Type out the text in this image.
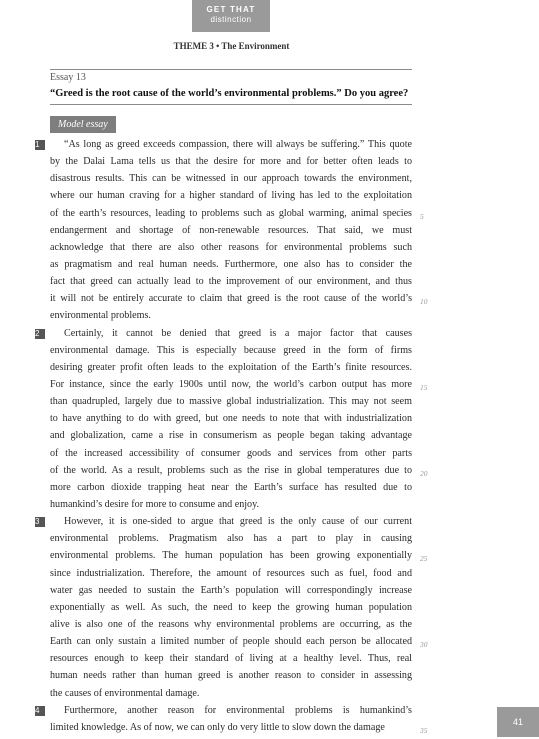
GET THAT
distinction
THEME 3 • The Environment
Essay 13
“Greed is the root cause of the world’s environmental problems.” Do you agree?
Model essay
1	“As long as greed exceeds compassion, there will always be suffering.” This quote
by the Dalai Lama tells us that the desire for more and for better often leads to
disastrous results. This can be witnessed in our approach towards the environment,
where our human craving for a higher standard of living has led to the exploitation
of the earth’s resources, leading to problems such as global warming, animal species 5
endangerment and shortage of non-renewable resources. That said, we must
acknowledge that there are also other reasons for environmental problems such
as pragmatism and real human needs. Furthermore, one also has to consider the
fact that greed can actually lead to the improvement of our environment, and thus
it will not be entirely accurate to claim that greed is the root cause of the world’s 10
environmental problems.
2	Certainly, it cannot be denied that greed is a major factor that causes
environmental damage. This is especially because greed in the form of firms
desiring greater profit often leads to the exploitation of the Earth’s finite resources.
For instance, since the early 1900s until now, the world’s carbon output has more 15
than quadrupled, largely due to massive global industrialization. This may not seem
to have anything to do with greed, but one needs to note that with industrialization
and globalization, came a rise in consumerism as people began taking advantage
of the increased accessibility of consumer goods and services from other parts
of the world. As a result, problems such as the rise in global temperatures due to 20
more carbon dioxide trapping heat near the Earth’s surface has resulted due to
humankind’s desire for more to consume and enjoy.
3	However, it is one-sided to argue that greed is the only cause of our current
environmental problems. Pragmatism also has a part to play in causing
environmental problems. The human population has been growing exponentially 25
since industrialization. Therefore, the amount of resources such as fuel, food and
water gas needed to sustain the Earth’s population will correspondingly increase
exponentially as well. As such, the need to keep the growing human population
alive is also one of the reasons why environmental problems are occurring, as the
Earth can only sustain a limited number of people should each person be allocated 30
resources enough to keep their standard of living at a healthy level. Thus, real
human needs rather than human greed is another reason to consider in assessing
the causes of environmental damage.
4	Furthermore, another reason for environmental problems is humankind’s
limited knowledge. As of now, we can only do very little to slow down the damage	35
41
